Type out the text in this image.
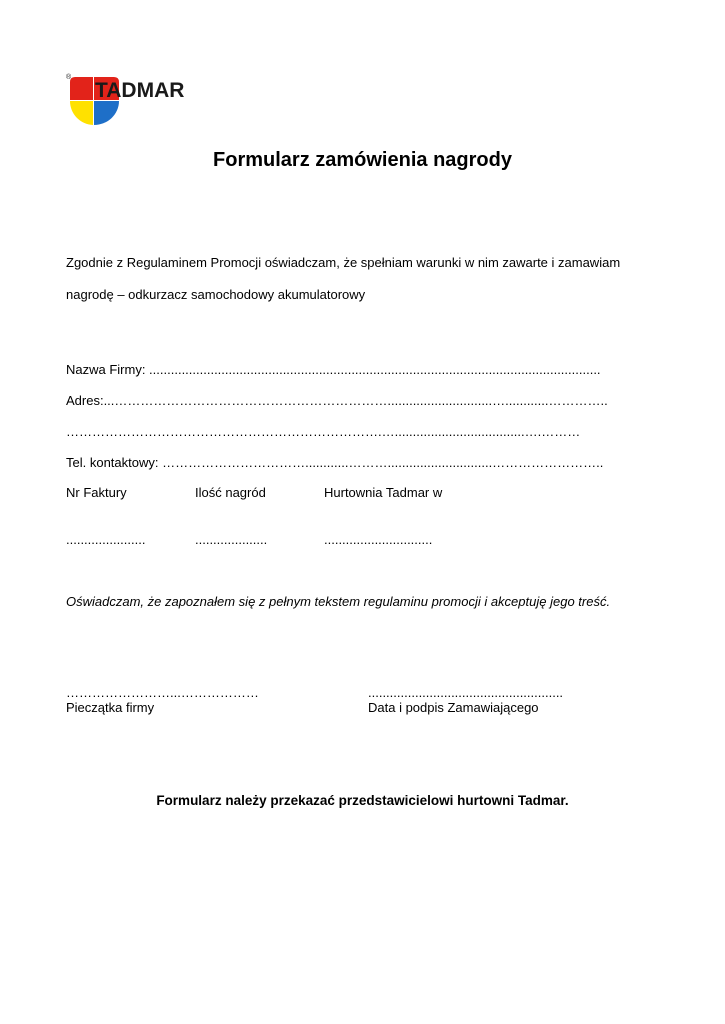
®
TADMAR
Formularz zamówienia nagrody
Zgodnie z Regulaminem Promocji oświadczam, że spełniam warunki w nim zawarte i zamawiam
nagrodę – odkurzacz samochodowy akumulatorowy
Nazwa Firmy: .............................................................................................................................
Adres:...……………………………………………………….............................…............…………..
……………………………………………………………….…....................................….………
Tel. kontaktowy: ……………………………............……….............................……………………..
Nr Faktury	Ilość nagród	Hurtownia Tadmar w
......................	....................	..............................
Oświadczam, że zapoznałem się z pełnym tekstem regulaminu promocji i akceptuję jego treść.
……………………...………………
Pieczątka firmy
......................................................
Data i podpis Zamawiającego
Formularz należy przekazać przedstawicielowi hurtowni Tadmar.
